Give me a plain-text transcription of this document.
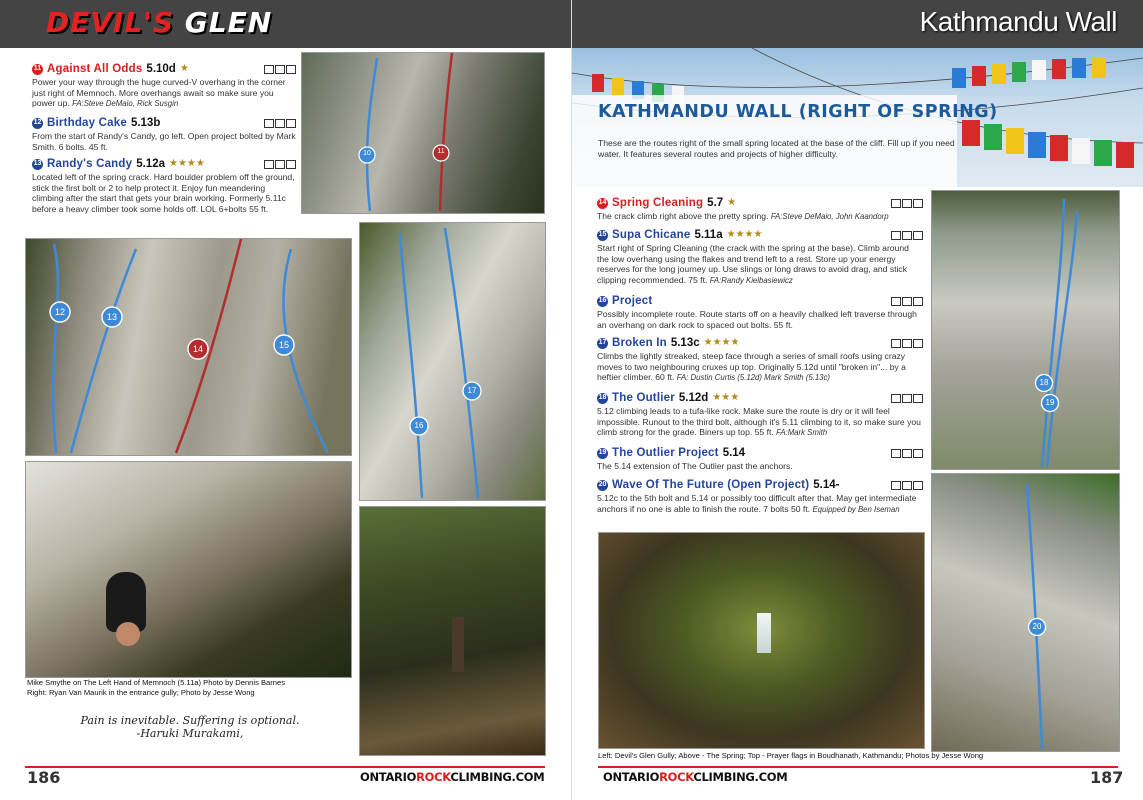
DEVIL'S GLEN	Kathmandu Wall
11 Against All Odds 5.10d ★
Power your way through the huge curved-V overhang in the corner just right of Memnoch. More overhangs await so make sure you power up. FA:Steve DeMaio, Rick Susgin
12 Birthday Cake 5.13b
From the start of Randy's Candy, go left. Open project bolted by Mark Smith. 6 bolts. 45 ft.
13 Randy's Candy 5.12a ★★★★
Located left of the spring crack. Hard boulder problem off the ground, stick the first bolt or 2 to help protect it. Enjoy fun meandering climbing after the start that gets your brain working. Formerly 5.11c before a heavy climber took some holds off. LOL 6+bolts 55 ft.
10	11
12	13
14	15
16
17
Mike Smythe on The Left Hand of Memnoch (5.11a) Photo by Dennis Barnes
Right: Ryan Van Maurik in the entrance gully; Photo by Jesse Wong
Pain is inevitable. Suffering is optional.
-Haruki Murakami,
KATHMANDU WALL (RIGHT OF SPRING)
These are the routes right of the small spring located at the base of the cliff. Fill up if you need water. It features several routes and projects of higher difficulty.
14 Spring Cleaning 5.7 ★
The crack climb right above the pretty spring. FA:Steve DeMaio, John Kaandorp
15 Supa Chicane 5.11a ★★★★
Start right of Spring Cleaning (the crack with the spring at the base). Climb around the low overhang using the flakes and trend left to a rest. Store up your energy reserves for the long journey up. Use slings or long draws to avoid drag, and stick clipping recommended. 75 ft. FA:Randy Kielbasiewicz
16 Project
Possibly incomplete route. Route starts off on a heavily chalked left traverse through an overhang on dark rock to spaced out bolts. 55 ft.
17 Broken In 5.13c ★★★★
Climbs the lightly streaked, steep face through a series of small roofs using crazy moves to two neighbouring cruxes up top. Originally 5.12d until "broken in"... by a heftier climber. 60 ft. FA: Dustin Curtis (5.12d) Mark Smith (5.13c)
18 The Outlier 5.12d ★★★
5.12 climbing leads to a tufa-like rock. Make sure the route is dry or it will feel impossible. Runout to the third bolt, although it's 5.11 climbing to it, so make sure you climb strong for the grade. Biners up top. 55 ft. FA:Mark Smith
19 The Outlier Project 5.14
The 5.14 extension of The Outlier past the anchors.
20 Wave Of The Future (Open Project) 5.14-
5.12c to the 5th bolt and 5.14 or possibly too difficult after that. May get intermediate anchors if no one is able to finish the route. 7 bolts 50 ft. Equipped by Ben Iseman
18
19
20
Left: Devil's Glen Gully; Above - The Spring; Top - Prayer flags in Boudhanath, Kathmandu; Photos by Jesse Wong
186	187
ONTARIOROCKCLIMBING.COM	ONTARIOROCKCLIMBING.COM
